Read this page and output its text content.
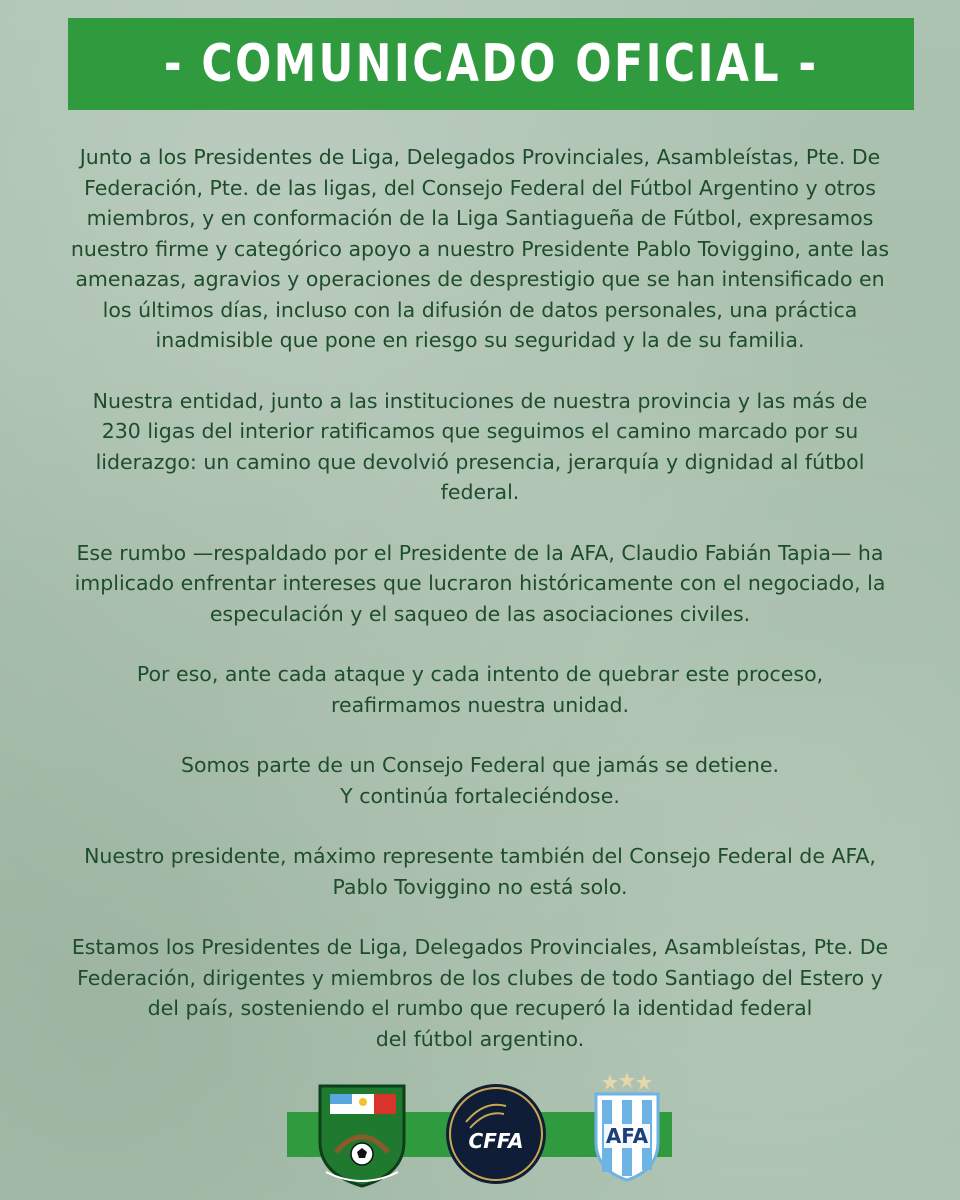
- COMUNICADO OFICIAL -
Junto a los Presidentes de Liga, Delegados Provinciales, Asambleístas, Pte. De
Federación, Pte. de las ligas, del Consejo Federal del Fútbol Argentino y otros
miembros, y en conformación de la Liga Santiagueña de Fútbol, expresamos
nuestro firme y categórico apoyo a nuestro Presidente Pablo Toviggino, ante las
amenazas, agravios y operaciones de desprestigio que se han intensificado en
los últimos días, incluso con la difusión de datos personales, una práctica
inadmisible que pone en riesgo su seguridad y la de su familia.
Nuestra entidad, junto a las instituciones de nuestra provincia y las más de
230 ligas del interior ratificamos que seguimos el camino marcado por su
liderazgo: un camino que devolvió presencia, jerarquía y dignidad al fútbol
federal.
Ese rumbo —respaldado por el Presidente de la AFA, Claudio Fabián Tapia— ha
implicado enfrentar intereses que lucraron históricamente con el negociado, la
especulación y el saqueo de las asociaciones civiles.
Por eso, ante cada ataque y cada intento de quebrar este proceso,
reafirmamos nuestra unidad.
Somos parte de un Consejo Federal que jamás se detiene.
Y continúa fortaleciéndose.
Nuestro presidente, máximo represente también del Consejo Federal de AFA,
Pablo Toviggino no está solo.
Estamos los Presidentes de Liga, Delegados Provinciales, Asambleístas, Pte. De
Federación, dirigentes y miembros de los clubes de todo Santiago del Estero y
del país, sosteniendo el rumbo que recuperó la identidad federal
del fútbol argentino.
CFFA	AFA
